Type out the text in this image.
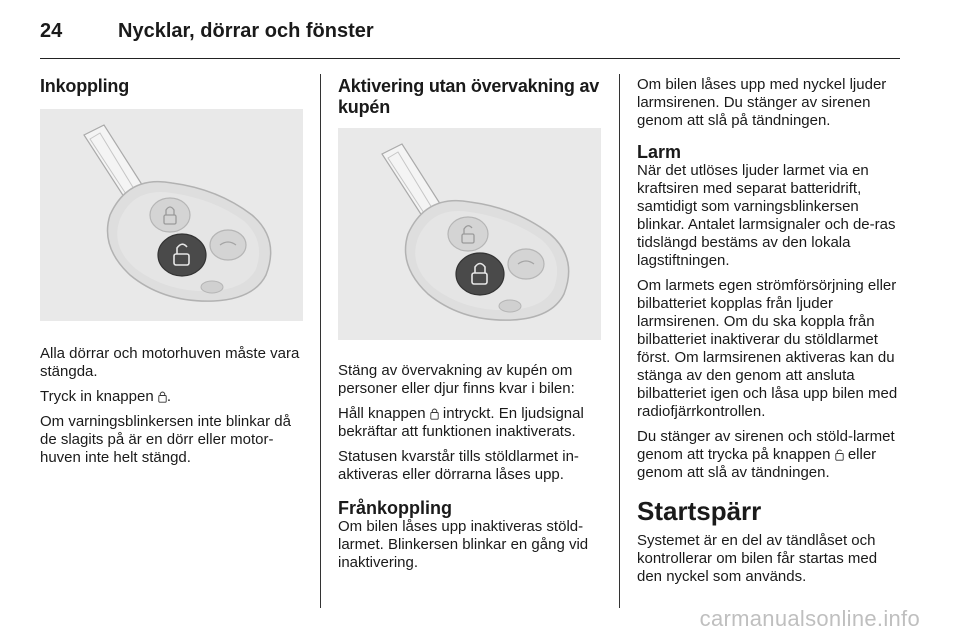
24	Nycklar, dörrar och fönster
Inkoppling

Alla dörrar och motorhuven måste vara stängda.

Tryck in knappen .

Om varningsblinkersen inte blinkar då de slagits på är en dörr eller motor-huven inte helt stängd.

Aktivering utan övervakning av kupén

Stäng av övervakning av kupén om personer eller djur finns kvar i bilen:

Håll knappen intryckt. En ljudsignal bekräftar att funktionen inaktiverats.

Statusen kvarstår tills stöldlarmet in-aktiveras eller dörrarna låses upp.

Frånkoppling

Om bilen låses upp inaktiveras stöld-larmet. Blinkersen blinkar en gång vid inaktivering.

Om bilen låses upp med nyckel ljuder larmsirenen. Du stänger av sirenen genom att slå på tändningen.

Larm

När det utlöses ljuder larmet via en kraftsiren med separat batteridrift, samtidigt som varningsblinkersen blinkar. Antalet larmsignaler och de-ras tidslängd bestäms av den lokala lagstiftningen.

Om larmets egen strömförsörjning eller bilbatteriet kopplas från ljuder larmsirenen. Om du ska koppla från bilbatteriet inaktiverar du stöldlarmet först. Om larmsirenen aktiveras kan du stänga av den genom att ansluta bilbatteriet igen och låsa upp bilen med radiofjärrkontrollen.

Du stänger av sirenen och stöld-larmet genom att trycka på knappen eller genom att slå av tändningen.

Startspärr

Systemet är en del av tändlåset och kontrollerar om bilen får startas med den nyckel som används.

carmanualsonline.info
